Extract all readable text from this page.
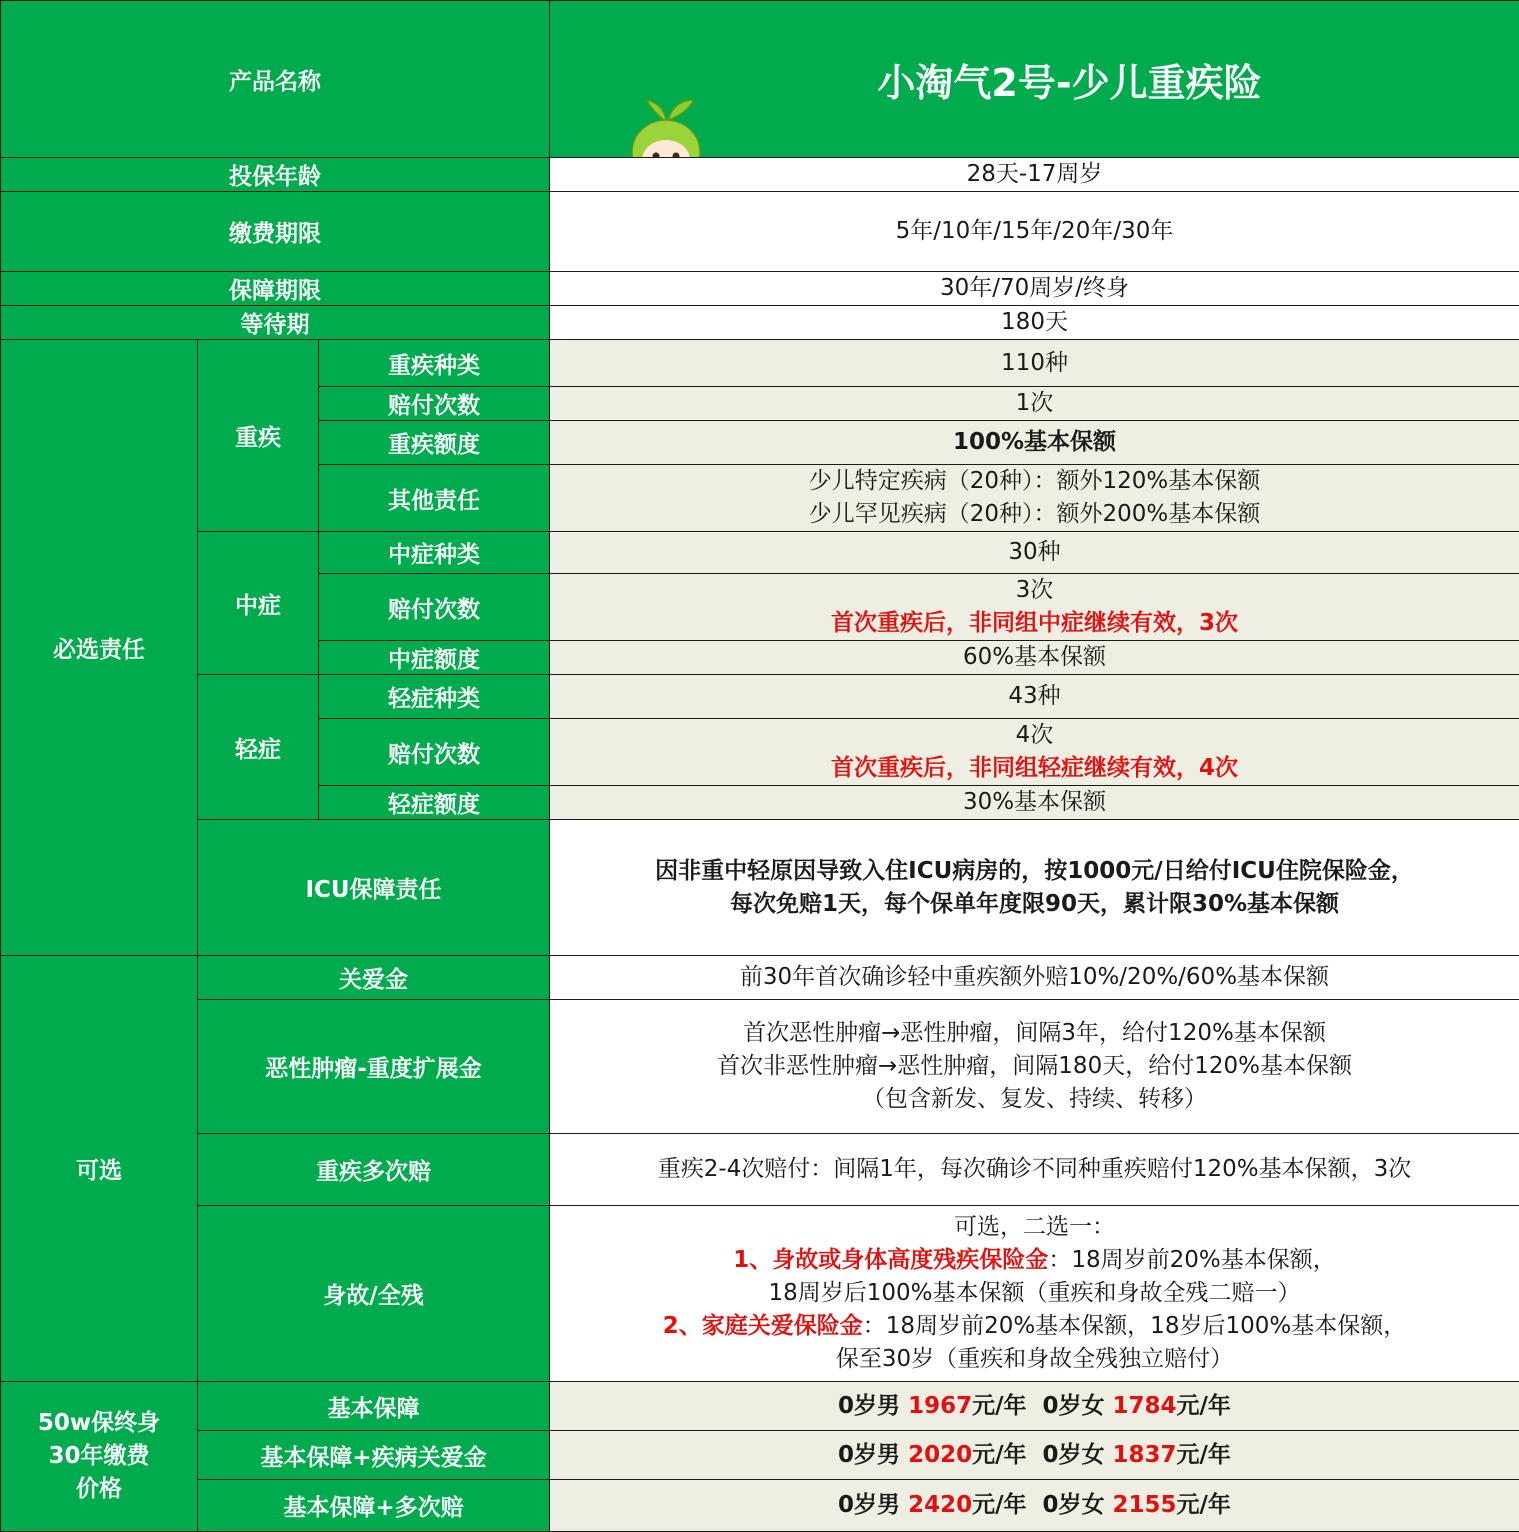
产品名称			小淘气2号-少儿重疾险

投保年龄			28天-17周岁
缴费期限			5年/10年/15年/20年/30年
保障期限			30年/70周岁/终身
等待期			180天
必选责任	重疾	重疾种类	110种
		赔付次数	1次
		重疾额度	100%基本保额
		其他责任	少儿特定疾病（20种）：额外120%基本保额
少儿罕见疾病（20种）：额外200%基本保额

	中症	中症种类	30种
		赔付次数	3次
首次重疾后，非同组中症继续有效，3次

		中症额度	60%基本保额
	轻症	轻症种类	43种
		赔付次数	4次
首次重疾后，非同组轻症继续有效，4次

		轻症额度	30%基本保额
	ICU保障责任		因非重中轻原因导致入住ICU病房的，按1000元/日给付ICU住院保险金，
每次免赔1天，每个保单年度限90天，累计限30%基本保额

可选	关爱金		前30年首次确诊轻中重疾额外赔10%/20%/60%基本保额
	恶性肿瘤-重度扩展金		首次恶性肿瘤→恶性肿瘤，间隔3年，给付120%基本保额
首次非恶性肿瘤→恶性肿瘤，间隔180天，给付120%基本保额
（包含新发、复发、持续、转移）

	重疾多次赔		重疾2-4次赔付：间隔1年，每次确诊不同种重疾赔付120%基本保额，3次
	身故/全残		可选，二选一：
1、身故或身体高度残疾保险金：18周岁前20%基本保额，
18周岁后100%基本保额（重疾和身故全残二赔一）
2、家庭关爱保险金：18周岁前20%基本保额，18岁后100%基本保额，
保至30岁（重疾和身故全残独立赔付）

50w保终身
30年缴费
价格	基本保障		0岁男 1967元/年  0岁女 1784元/年
	基本保障+疾病关爱金		0岁男 2020元/年  0岁女 1837元/年
	基本保障+多次赔		0岁男 2420元/年  0岁女 2155元/年
